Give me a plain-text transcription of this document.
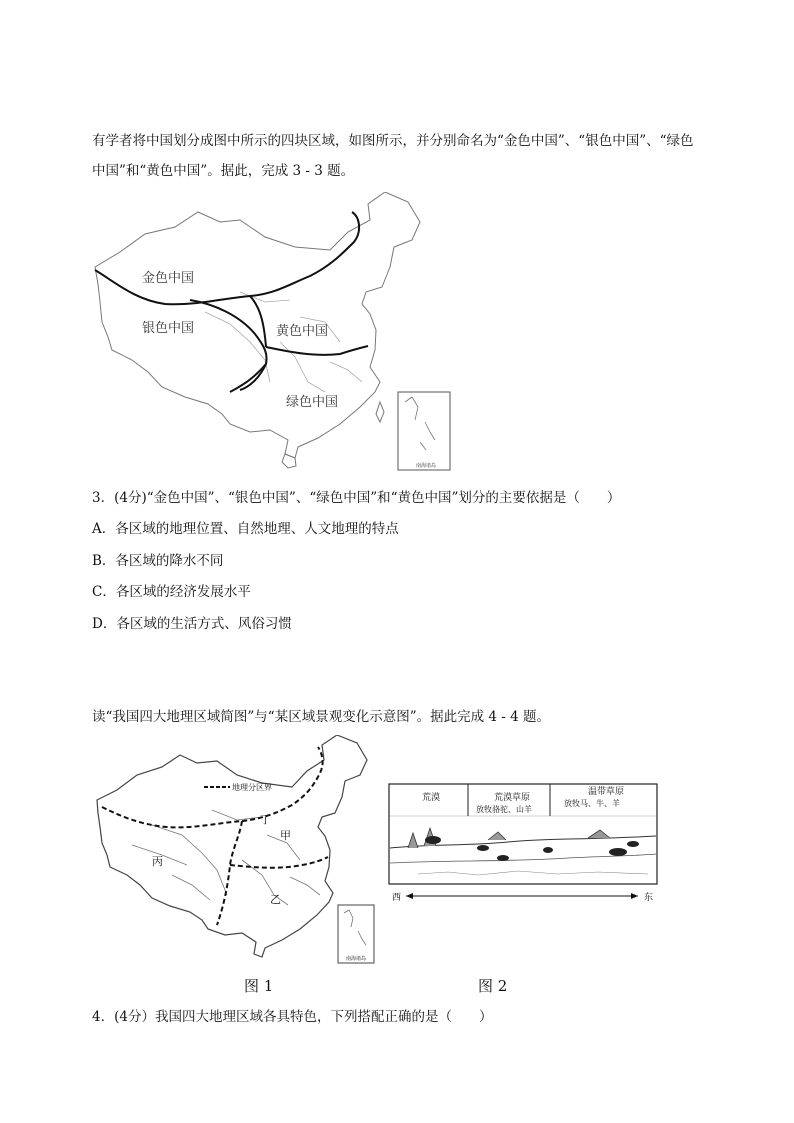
有学者将中国划分成图中所示的四块区域，如图所示，并分别命名为“金色中国”、“银色中国”、“绿色
中国”和“黄色中国”。据此，完成 3 - 3 题。
金色中国
银色中国	黄色中国
绿色中国
南海诸岛
3．(4分)“金色中国”、“银色中国”、“绿色中国”和“黄色中国”划分的主要依据是（　　）
A．各区域的地理位置、自然地理、人文地理的特点
B．各区域的降水不同
C．各区域的经济发展水平
D．各区域的生活方式、风俗习惯
读“我国四大地理区域简图”与“某区域景观变化示意图”。据此完成 4 - 4 题。
地理分区界
甲
乙
丙
丁
南海诸岛
荒漠	荒漠草原
温带草原
放牧骆驼、山羊
放牧马、牛、羊
西	东
图 1	图 2
4．(4分）我国四大地理区域各具特色，下列搭配正确的是（　　）
